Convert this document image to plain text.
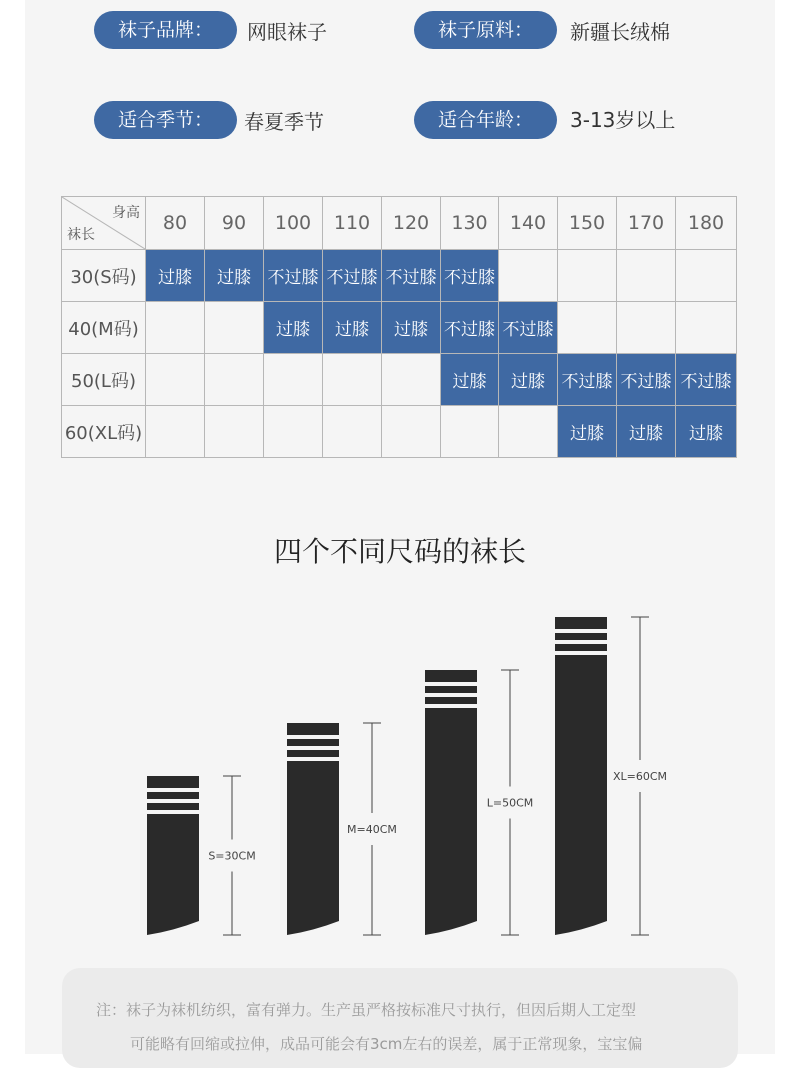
袜子品牌：	网眼袜子	袜子原料：	新疆长绒棉
适合季节：	春夏季节	适合年龄：	3-13岁以上
身高
袜长	80	90	100	110	120	130	140	150	170	180
30(S码)	过膝	过膝	不过膝	不过膝	不过膝	不过膝				
40(M码)			过膝	过膝	过膝	不过膝	不过膝			
50(L码)						过膝	过膝	不过膝	不过膝	不过膝
60(XL码)								过膝	过膝	过膝
四个不同尺码的袜长
S=30CM
M=40CM
L=50CM
XL=60CM

注：袜子为袜机纺织，富有弹力。生产虽严格按标准尺寸执行，但因后期人工定型

可能略有回缩或拉伸，成品可能会有3cm左右的误差，属于正常现象，宝宝偏
